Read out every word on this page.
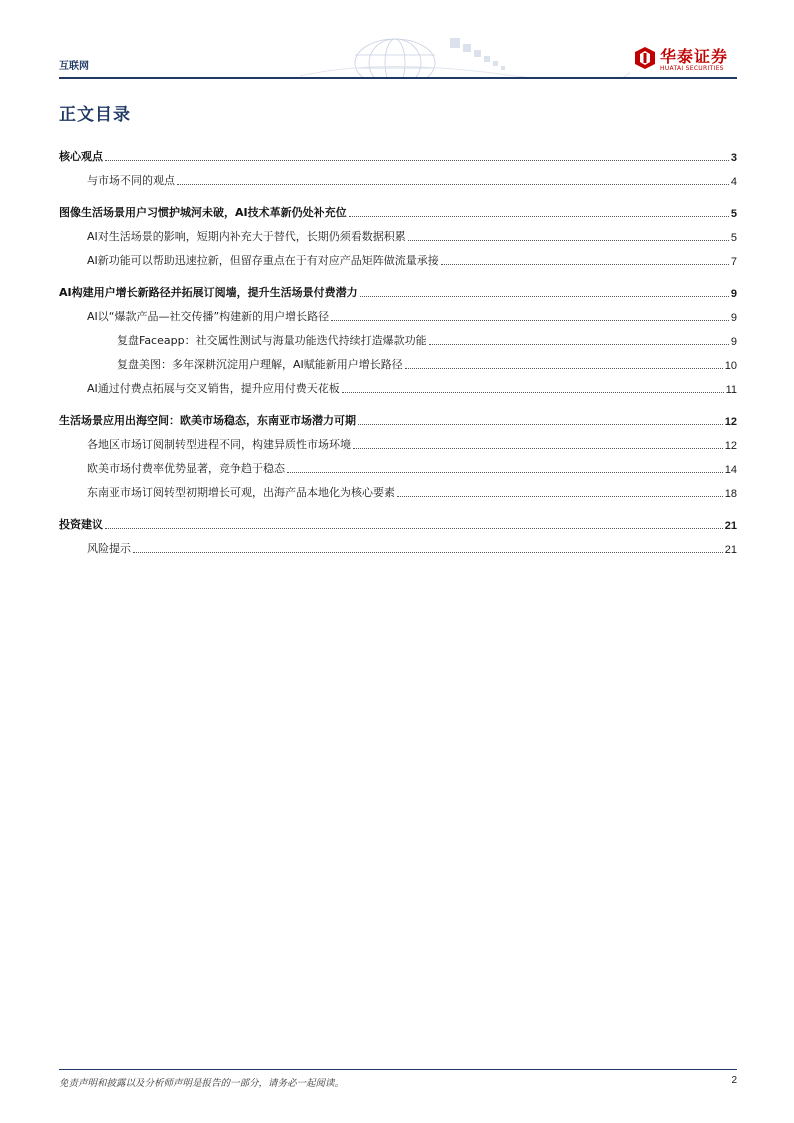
互联网
华泰证券
HUATAI SECURITIES
正文目录
核心观点	3
与市场不同的观点	4
图像生活场景用户习惯护城河未破，AI技术革新仍处补充位	5
AI对生活场景的影响，短期内补充大于替代，长期仍须看数据积累	5
AI新功能可以帮助迅速拉新，但留存重点在于有对应产品矩阵做流量承接	7
AI构建用户增长新路径并拓展订阅墙，提升生活场景付费潜力	9
AI以“爆款产品—社交传播”构建新的用户增长路径	9
复盘Faceapp：社交属性测试与海量功能迭代持续打造爆款功能	9
复盘美图：多年深耕沉淀用户理解，AI赋能新用户增长路径	10
AI通过付费点拓展与交叉销售，提升应用付费天花板	11
生活场景应用出海空间：欧美市场稳态，东南亚市场潜力可期	12
各地区市场订阅制转型进程不同，构建异质性市场环境	12
欧美市场付费率优势显著，竞争趋于稳态	14
东南亚市场订阅转型初期增长可观，出海产品本地化为核心要素	18
投资建议	21
风险提示	21
免责声明和披露以及分析师声明是报告的一部分，请务必一起阅读。	2
